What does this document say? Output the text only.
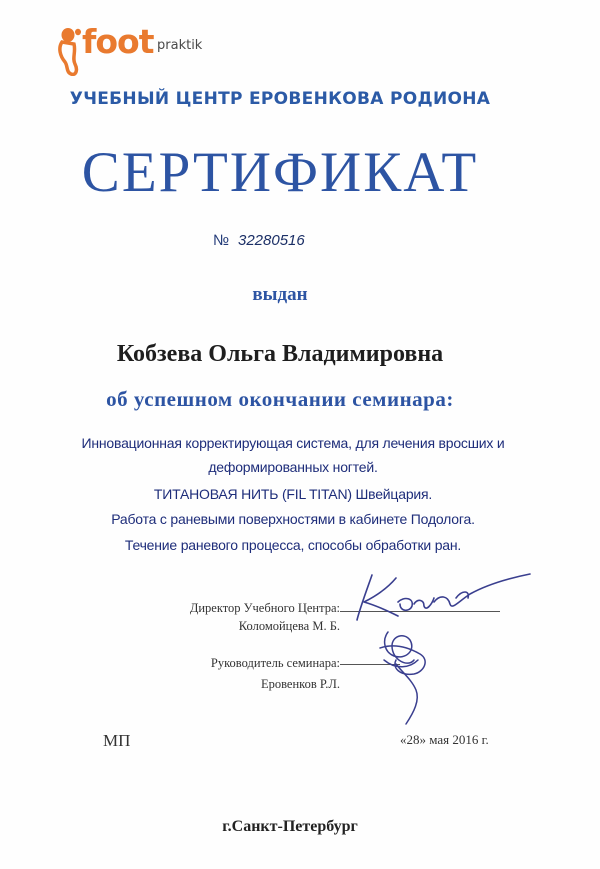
foot praktik
УЧЕБНЫЙ ЦЕНТР ЕРОВЕНКОВА РОДИОНА
СЕРТИФИКАТ
№ 32280516
выдан
Кобзева Ольга Владимировна
об успешном окончании семинара:
Инновационная корректирующая система, для лечения вросших и
деформированных ногтей.
ТИТАНОВАЯ НИТЬ (FIL TITAN) Швейцария.
Работа с раневыми поверхностями в кабинете Подолога.
Течение раневого процесса, способы обработки ран.
Директор Учебного Центра:
Коломойцева М. Б.
Руководитель семинара:
Еровенков Р.Л.
МП	«28» мая 2016 г.
г.Санкт-Петербург
